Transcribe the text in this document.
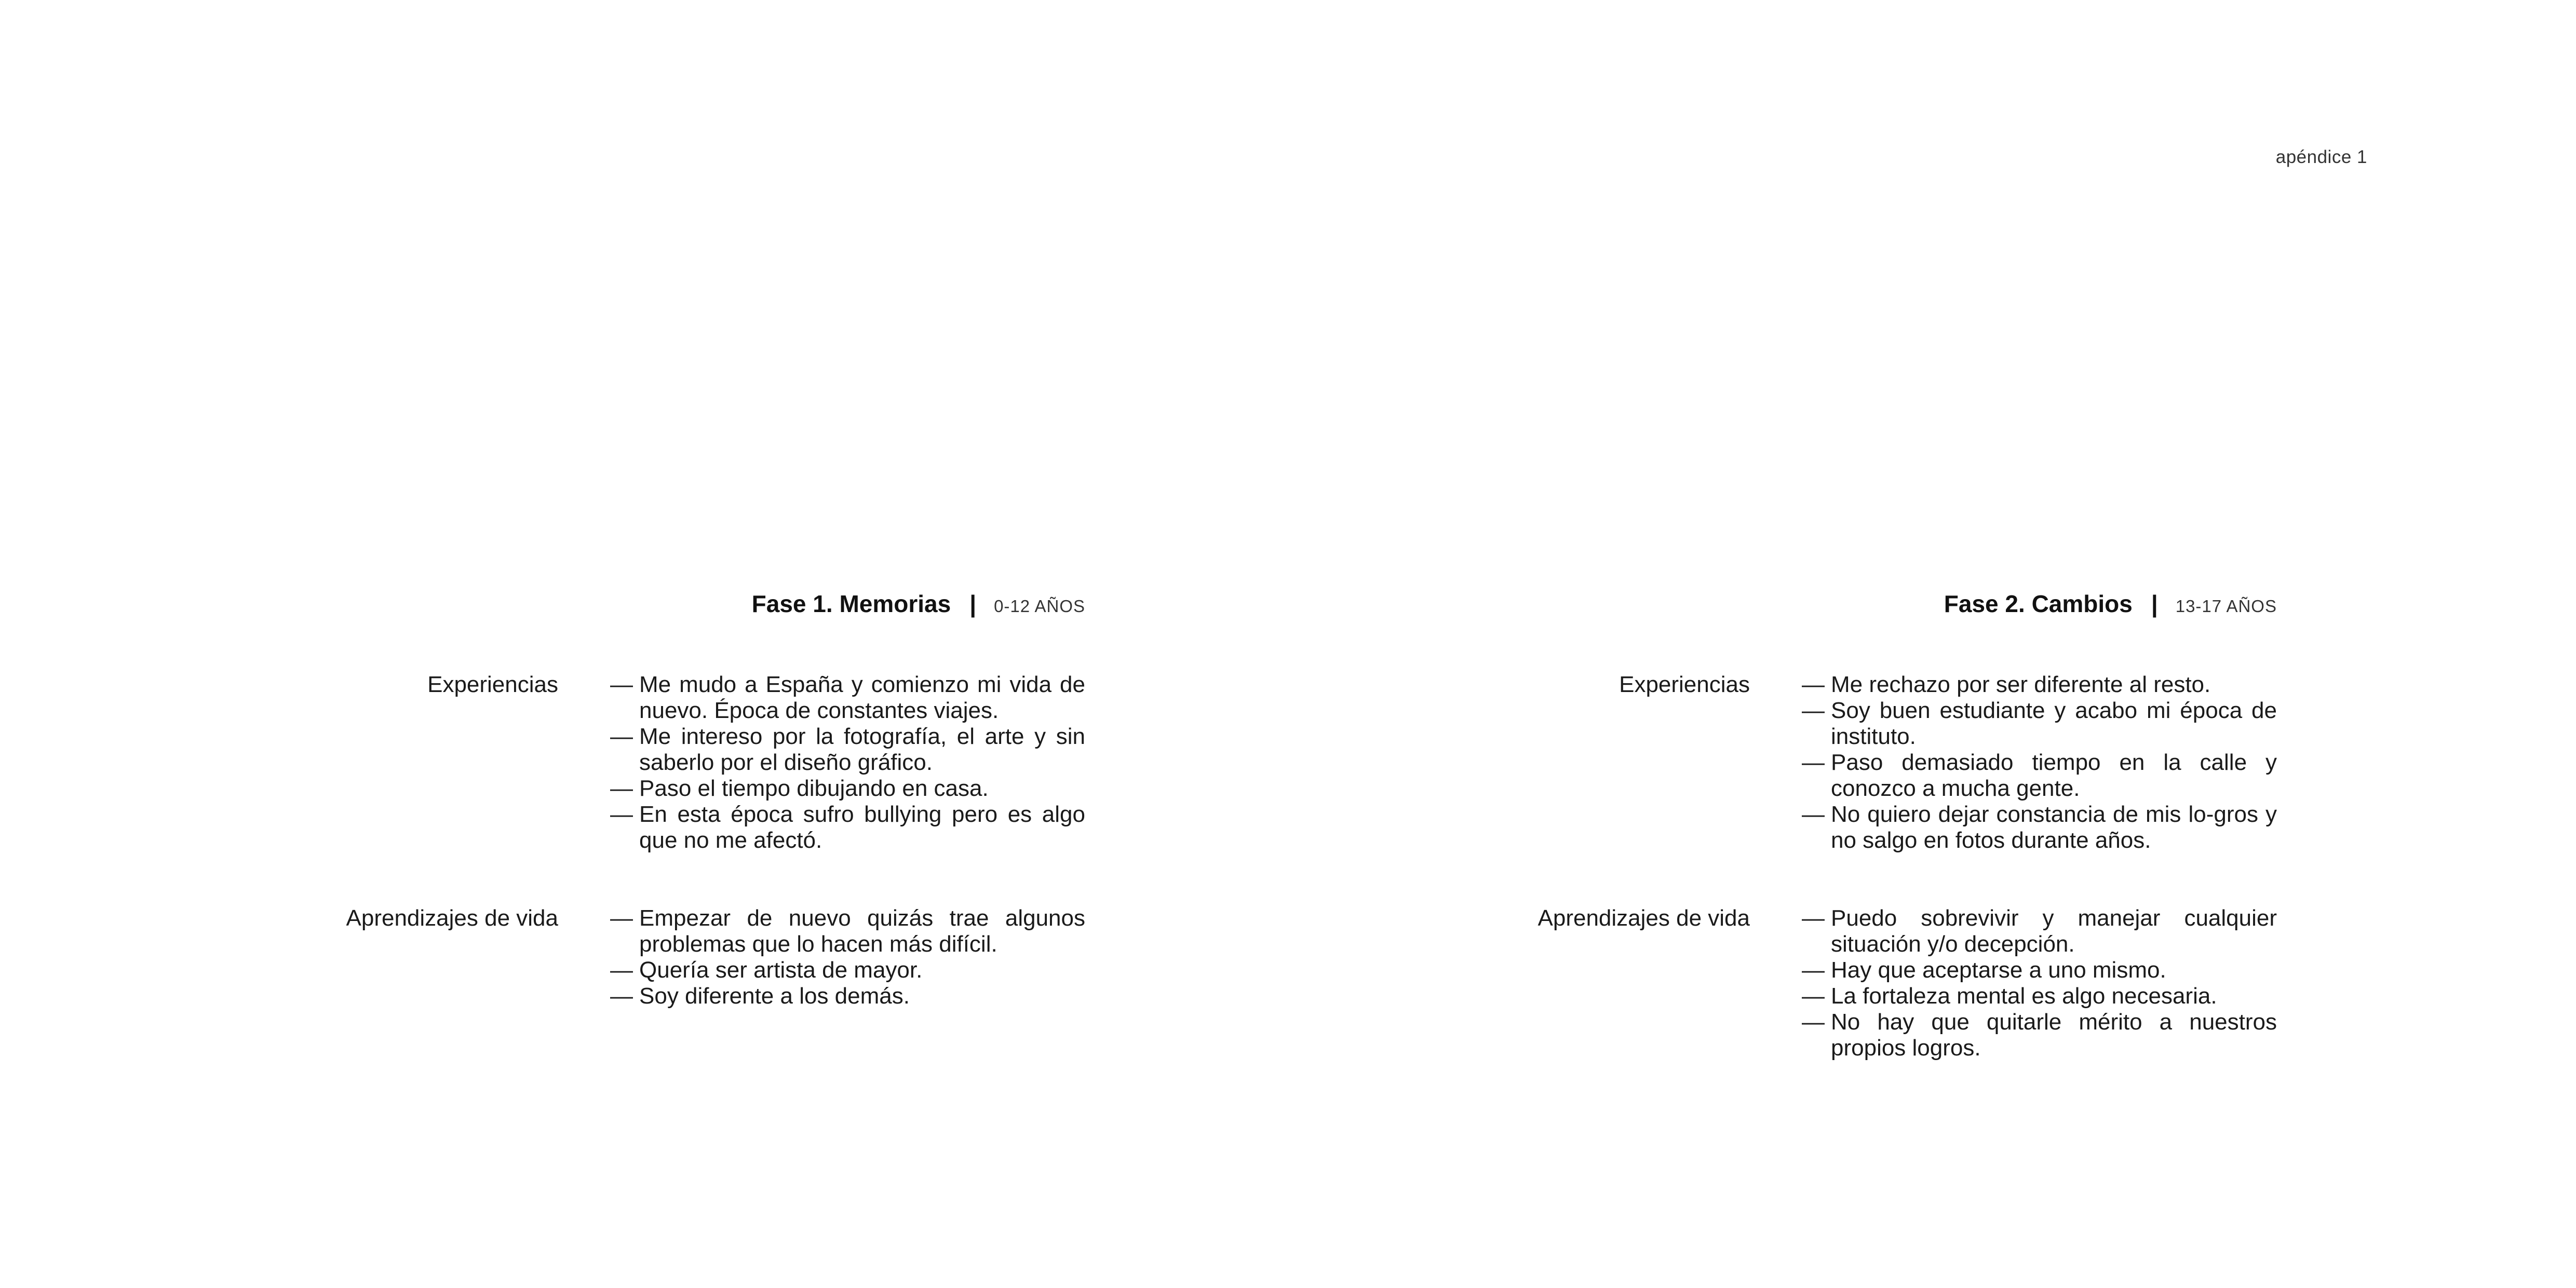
apéndice 1
Fase 1. Memorias | 0-12 AÑOS
Experiencias — Me mudo a España y comienzo mi vida de nuevo. Época de constantes viajes.
— Me intereso por la fotografía, el arte y sin saberlo por el diseño gráfico.
— Paso el tiempo dibujando en casa.
— En esta época sufro bullying pero es algo que no me afectó.
Aprendizajes de vida — Empezar de nuevo quizás trae algunos problemas que lo hacen más difícil.
— Quería ser artista de mayor.
— Soy diferente a los demás.
Fase 2. Cambios | 13-17 AÑOS
Experiencias — Me rechazo por ser diferente al resto.
— Soy buen estudiante y acabo mi época de instituto.
— Paso demasiado tiempo en la calle y conozco a mucha gente.
— No quiero dejar constancia de mis lo-gros y no salgo en fotos durante años.
Aprendizajes de vida — Puedo sobrevivir y manejar cualquier situación y/o decepción.
— Hay que aceptarse a uno mismo.
— La fortaleza mental es algo necesaria.
— No hay que quitarle mérito a nuestros propios logros.
